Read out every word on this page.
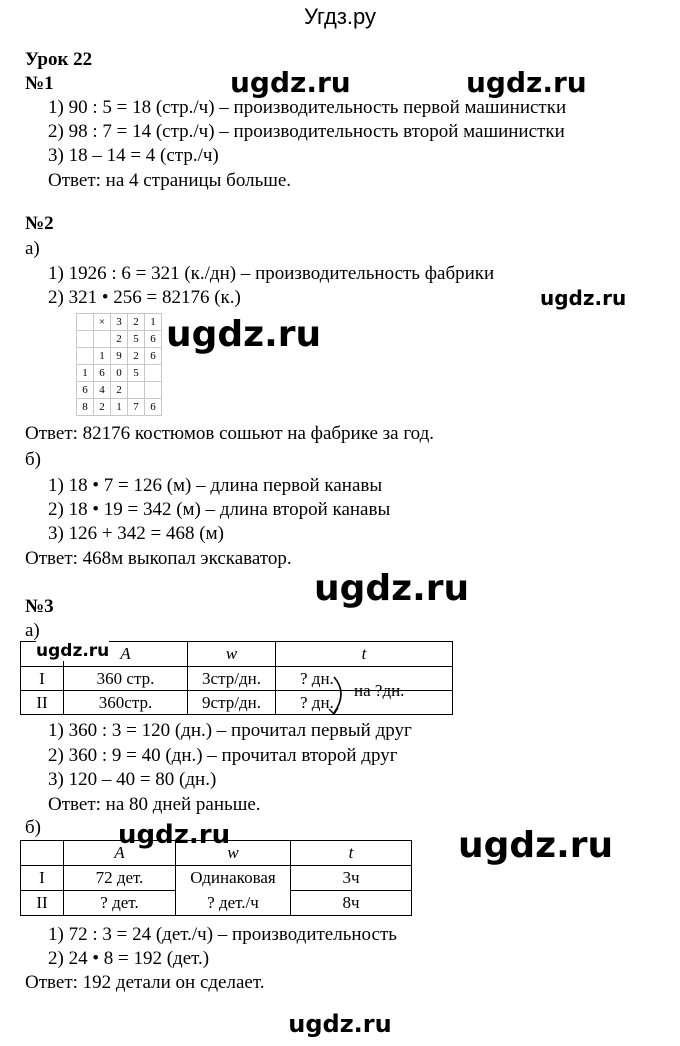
Угдз.ру
ugdz.ru	ugdz.ru
ugdz.ru
ugdz.ru
ugdz.ru
ugdz.ru
ugdz.ru	ugdz.ru
ugdz.ru
Урок 22
№1
1) 90 : 5 = 18 (стр./ч) – производительность первой машинистки
2) 98 : 7 = 14 (стр./ч) – производительность второй машинистки
3) 18 – 14 = 4 (стр./ч)
Ответ: на 4 страницы больше.
№2
а)
1) 1926 : 6 = 321 (к./дн) – производительность фабрики
2) 321 • 256 = 82176 (к.)
	×	3	2	1
		2	5	6
	1	9	2	6
1	6	0	5	
6	4	2		
8	2	1	7	6
Ответ: 82176 костюмов сошьют на фабрике за год.
б)
1) 18 • 7 = 126 (м) – длина первой канавы
2) 18 • 19 = 342 (м) – длина второй канавы
3) 126 + 342 = 468 (м)
Ответ: 468м выкопал экскаватор.
№3
а)
	A	w	t
I	360 стр.	3стр/дн.	? дн.
II	360стр.	9стр/дн.	? дн.
на ?дн.
1) 360 : 3 = 120 (дн.) – прочитал первый друг
2) 360 : 9 = 40 (дн.) – прочитал второй друг
3) 120 – 40 = 80 (дн.)
Ответ: на 80 дней раньше.
б)
	A	w	t
I	72 дет.	Одинаковая	3ч
II	? дет.	? дет./ч	8ч
1) 72 : 3 = 24 (дет./ч) – производительность
2) 24 • 8 = 192 (дет.)
Ответ: 192 детали он сделает.
